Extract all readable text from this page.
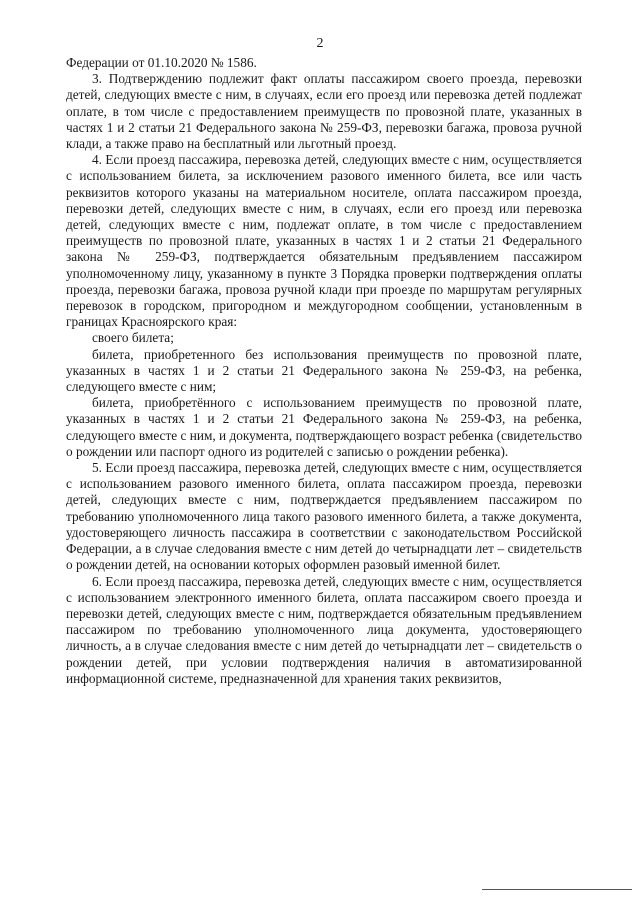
2

Федерации от 01.10.2020 № 1586.

3. Подтверждению подлежит факт оплаты пассажиром своего проезда, перевозки детей, следующих вместе с ним, в случаях, если его проезд или перевозка детей подлежат оплате, в том числе с предоставлением преимуществ по провозной плате, указанных в частях 1 и 2 статьи 21 Федерального закона № 259-ФЗ, перевозки багажа, провоза ручной клади, а также право на бесплатный или льготный проезд.

4. Если проезд пассажира, перевозка детей, следующих вместе с ним, осуществляется с использованием билета, за исключением разового именного билета, все или часть реквизитов которого указаны на материальном носителе, оплата пассажиром проезда, перевозки детей, следующих вместе с ним, в случаях, если его проезд или перевозка детей, следующих вместе с ним, подлежат оплате, в том числе с предоставлением преимуществ по провозной плате, указанных в частях 1 и 2 статьи 21 Федерального закона № 259-ФЗ, подтверждается обязательным предъявлением пассажиром уполномоченному лицу, указанному в пункте 3 Порядка проверки подтверждения оплаты проезда, перевозки багажа, провоза ручной клади при проезде по маршрутам регулярных перевозок в городском, пригородном и междугородном сообщении, установленным в границах Красноярского края:

своего билета;

билета, приобретенного без использования преимуществ по провозной плате, указанных в частях 1 и 2 статьи 21 Федерального закона № 259-ФЗ, на ребенка, следующего вместе с ним;

билета, приобретённого с использованием преимуществ по провозной плате, указанных в частях 1 и 2 статьи 21 Федерального закона № 259-ФЗ, на ребенка, следующего вместе с ним, и документа, подтверждающего возраст ребенка (свидетельство о рождении или паспорт одного из родителей с записью о рождении ребенка).

5. Если проезд пассажира, перевозка детей, следующих вместе с ним, осуществляется с использованием разового именного билета, оплата пассажиром проезда, перевозки детей, следующих вместе с ним, подтверждается предъявлением пассажиром по требованию уполномоченного лица такого разового именного билета, а также документа, удостоверяющего личность пассажира в соответствии с законодательством Российской Федерации, а в случае следования вместе с ним детей до четырнадцати лет – свидетельств о рождении детей, на основании которых оформлен разовый именной билет.

6. Если проезд пассажира, перевозка детей, следующих вместе с ним, осуществляется с использованием электронного именного билета, оплата пассажиром своего проезда и перевозки детей, следующих вместе с ним, подтверждается обязательным предъявлением пассажиром по требованию уполномоченного лица документа, удостоверяющего личность, а в случае следования вместе с ним детей до четырнадцати лет – свидетельств о рождении детей, при условии подтверждения наличия в автоматизированной информационной системе, предназначенной для хранения таких реквизитов,
